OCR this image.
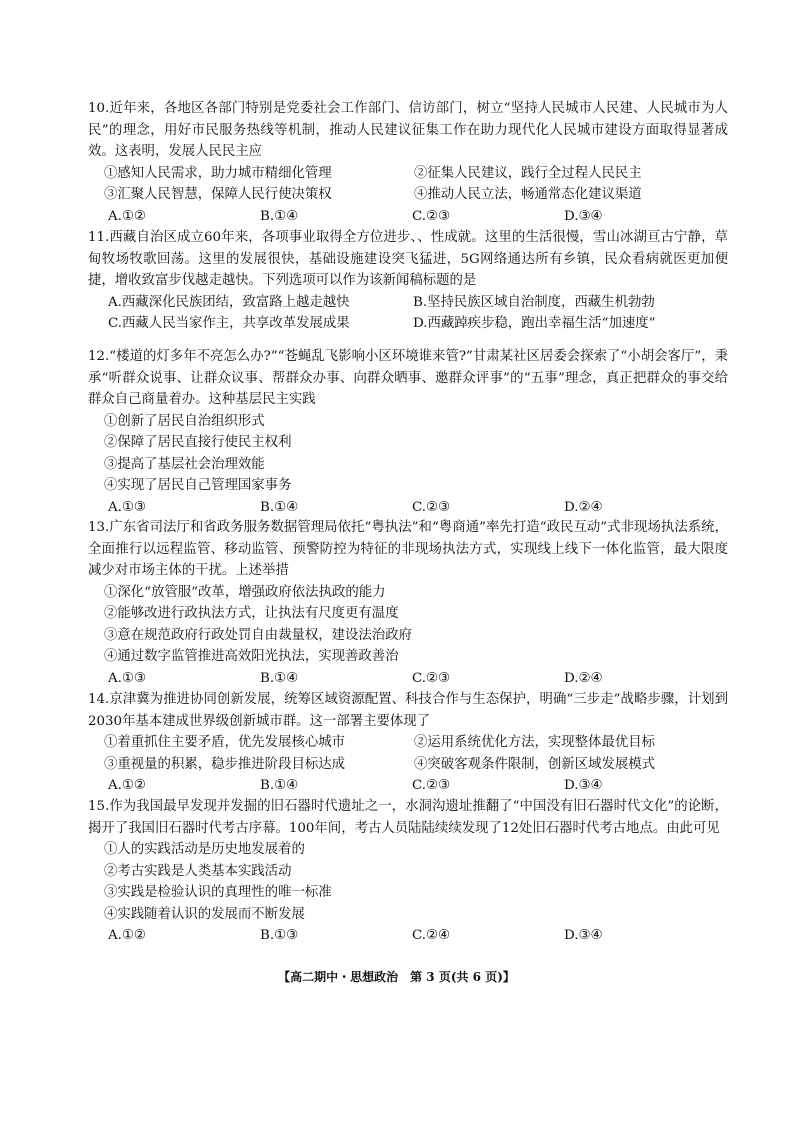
10.近年来，各地区各部门特别是党委社会工作部门、信访部门，树立“坚持人民城市人民建、人民城市为人民”的理念，用好市民服务热线等机制，推动人民建议征集工作在助力现代化人民城市建设方面取得显著成效。这表明，发展人民民主应

①感知人民需求，助力城市精细化管理	②征集人民建议，践行全过程人民民主
③汇聚人民智慧，保障人民行使决策权	④推动人民立法，畅通常态化建议渠道
A.①②	B.①④	C.②③	D.③④

11.西藏自治区成立60年来，各项事业取得全方位进步、、性成就。这里的生活很慢，雪山冰湖亘古宁静，草甸牧场牧歌回荡。这里的发展很快，基础设施建设突飞猛进，5G网络通达所有乡镇，民众看病就医更加便捷，增收致富步伐越走越快。下列选项可以作为该新闻稿标题的是

A.西藏深化民族团结，致富路上越走越快	B.坚持民族区域自治制度，西藏生机勃勃
C.西藏人民当家作主，共享改革发展成果	D.西藏踔疾步稳，跑出幸福生活“加速度”

12.“楼道的灯多年不亮怎么办?”“苍蝇乱飞影响小区环境谁来管?”甘肃某社区居委会探索了“小胡会客厅”，秉承“听群众说事、让群众议事、帮群众办事、向群众晒事、邀群众评事”的“五事”理念，真正把群众的事交给群众自己商量着办。这种基层民主实践

①创新了居民自治组织形式
②保障了居民直接行使民主权利
③提高了基层社会治理效能
④实现了居民自己管理国家事务
A.①③	B.①④	C.②③	D.②④

13.广东省司法厅和省政务服务数据管理局依托“粤执法”和“粤商通”率先打造“政民互动”式非现场执法系统，全面推行以远程监管、移动监管、预警防控为特征的非现场执法方式，实现线上线下一体化监管，最大限度减少对市场主体的干扰。上述举措

①深化“放管服”改革，增强政府依法执政的能力
②能够改进行政执法方式，让执法有尺度更有温度
③意在规范政府行政处罚自由裁量权，建设法治政府
④通过数字监管推进高效阳光执法，实现善政善治
A.①③	B.①④	C.②③	D.②④

14.京津冀为推进协同创新发展，统筹区域资源配置、科技合作与生态保护，明确“三步走”战略步骤，计划到2030年基本建成世界级创新城市群。这一部署主要体现了

①着重抓住主要矛盾，优先发展核心城市	②运用系统优化方法，实现整体最优目标
③重视量的积累，稳步推进阶段目标达成	④突破客观条件限制，创新区域发展模式
A.①②	B.①④	C.②③	D.③④

15.作为我国最早发现并发掘的旧石器时代遗址之一，水洞沟遗址推翻了“中国没有旧石器时代文化”的论断，揭开了我国旧石器时代考古序幕。100年间，考古人员陆陆续续发现了12处旧石器时代考古地点。由此可见

①人的实践活动是历史地发展着的
②考古实践是人类基本实践活动
③实践是检验认识的真理性的唯一标准
④实践随着认识的发展而不断发展
A.①②	B.①③	C.②④	D.③④
【高二期中・思想政治　第 3 页(共 6 页)】
